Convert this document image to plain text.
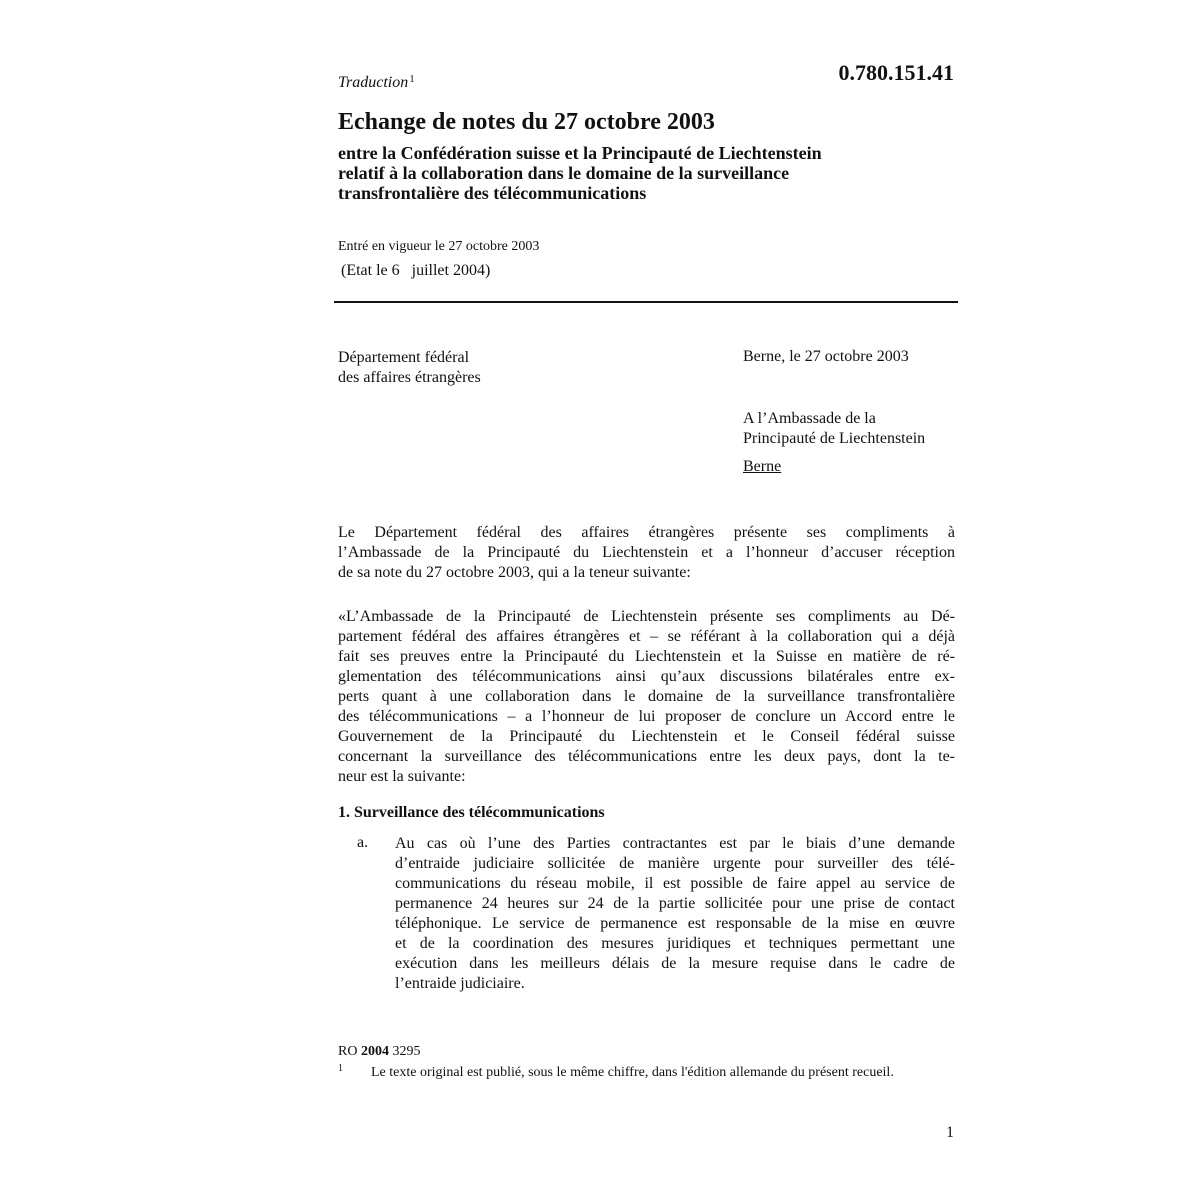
Traduction$^1$	0.780.151.41
Echange de notes du 27 octobre 2003
entre la Confédération suisse et la Principauté de Liechtenstein
relatif à la collaboration dans le domaine de la surveillance
transfrontalière des télécommunications
Entré en vigueur le 27 octobre 2003
(Etat le 6   juillet 2004)
Département fédéral
des affaires étrangères
Berne, le 27 octobre 2003
A l’Ambassade de la
Principauté de Liechtenstein
Berne
Le Département fédéral des affaires étrangères présente ses compliments à
l’Ambassade de la Principauté du Liechtenstein et a l’honneur d’accuser réception
de sa note du 27 octobre 2003, qui a la teneur suivante:
«L’Ambassade de la Principauté de Liechtenstein présente ses compliments au Dé-
partement fédéral des affaires étrangères et – se référant à la collaboration qui a déjà
fait ses preuves entre la Principauté du Liechtenstein et la Suisse en matière de ré-
glementation des télécommunications ainsi qu’aux discussions bilatérales entre ex-
perts quant à une collaboration dans le domaine de la surveillance transfrontalière
des télécommunications – a l’honneur de lui proposer de conclure un Accord entre le
Gouvernement de la Principauté du Liechtenstein et le Conseil fédéral suisse
concernant la surveillance des télécommunications entre les deux pays, dont la te-
neur est la suivante:
1. Surveillance des télécommunications
a. Au cas où l’une des Parties contractantes est par le biais d’une demande
d’entraide judiciaire sollicitée de manière urgente pour surveiller des télé-
communications du réseau mobile, il est possible de faire appel au service de
permanence 24 heures sur 24 de la partie sollicitée pour une prise de contact
téléphonique. Le service de permanence est responsable de la mise en œuvre
et de la coordination des mesures juridiques et techniques permettant une
exécution dans les meilleurs délais de la mesure requise dans le cadre de
l’entraide judiciaire.
RO 2004 3295
1 Le texte original est publié, sous le même chiffre, dans l'édition allemande du présent recueil.
1
